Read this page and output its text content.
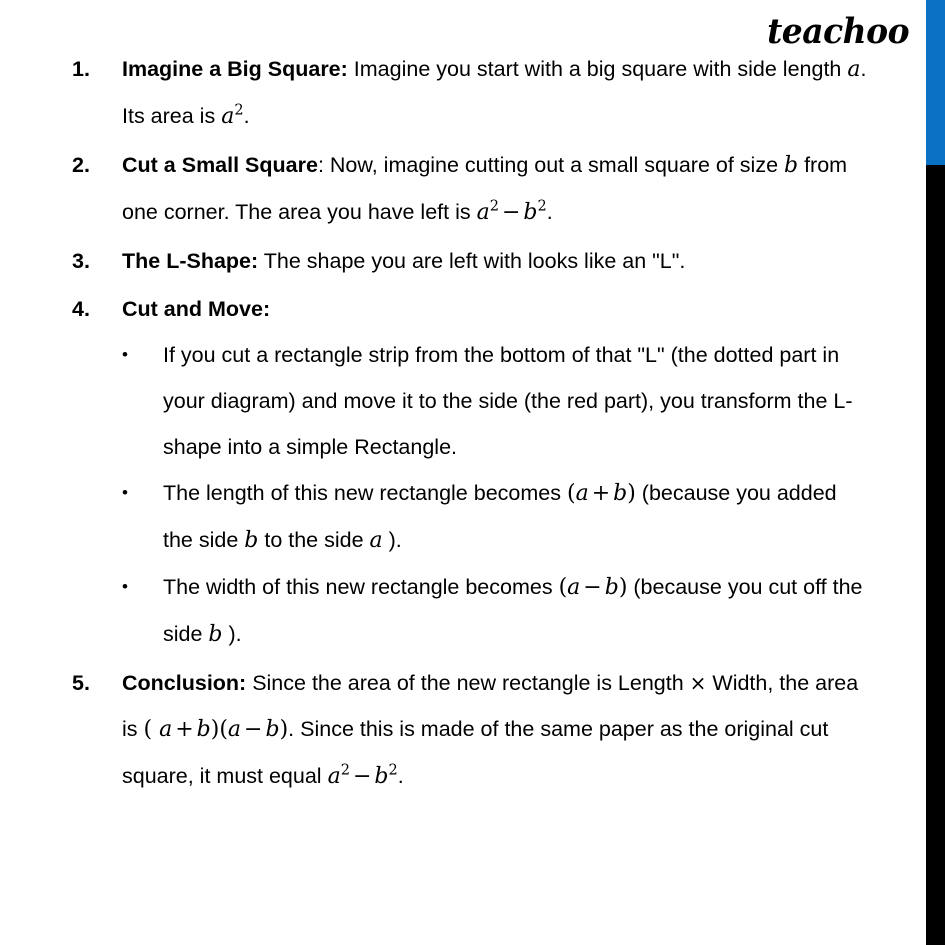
teachoo
1. Imagine a Big Square: Imagine you start with a big square with side length a. Its area is $a^2$.
2. Cut a Small Square: Now, imagine cutting out a small square of size b from one corner. The area you have left is $a^2 - b^2$.
3. The L-Shape: The shape you are left with looks like an "L".
4. Cut and Move:
• If you cut a rectangle strip from the bottom of that "L" (the dotted part in your diagram) and move it to the side (the red part), you transform the L-shape into a simple Rectangle.
• The length of this new rectangle becomes (a + b) (because you added the side b to the side a ).
• The width of this new rectangle becomes (a − b) (because you cut off the side b ).
5. Conclusion: Since the area of the new rectangle is Length × Width, the area is ( a + b)(a − b). Since this is made of the same paper as the original cut square, it must equal $a^2 - b^2$.
